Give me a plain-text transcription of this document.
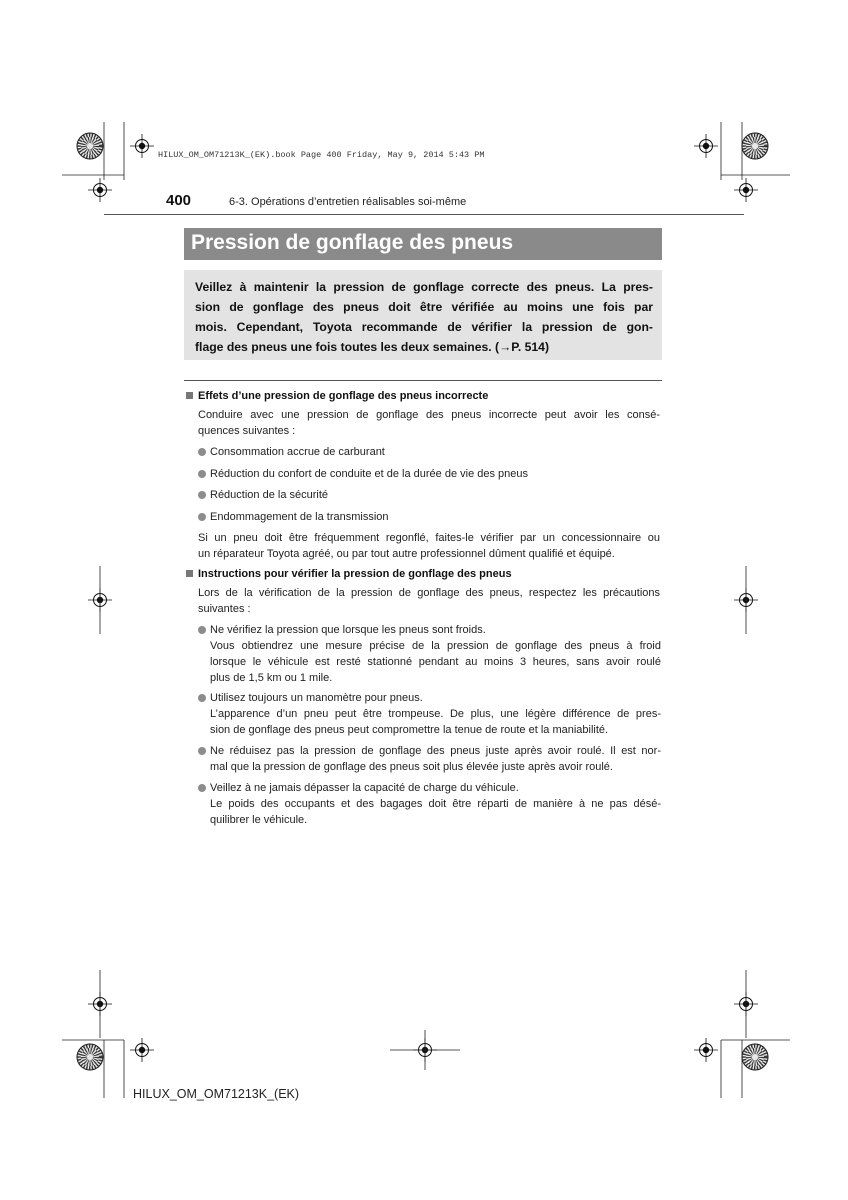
HILUX_OM_OM71213K_(EK).book Page 400 Friday, May 9, 2014 5:43 PM
400	6-3. Opérations d’entretien réalisables soi-même
Pression de gonflage des pneus
Veillez à maintenir la pression de gonflage correcte des pneus. La pres-
sion de gonflage des pneus doit être vérifiée au moins une fois par
mois. Cependant, Toyota recommande de vérifier la pression de gon-
flage des pneus une fois toutes les deux semaines. (→P. 514)
Effets d’une pression de gonflage des pneus incorrecte
Conduire avec une pression de gonflage des pneus incorrecte peut avoir les consé-
quences suivantes :
Consommation accrue de carburant
Réduction du confort de conduite et de la durée de vie des pneus
Réduction de la sécurité
Endommagement de la transmission
Si un pneu doit être fréquemment regonflé, faites-le vérifier par un concessionnaire ou
un réparateur Toyota agréé, ou par tout autre professionnel dûment qualifié et équipé.
Instructions pour vérifier la pression de gonflage des pneus
Lors de la vérification de la pression de gonflage des pneus, respectez les précautions
suivantes :
Ne vérifiez la pression que lorsque les pneus sont froids.
Vous obtiendrez une mesure précise de la pression de gonflage des pneus à froid
lorsque le véhicule est resté stationné pendant au moins 3 heures, sans avoir roulé
plus de 1,5 km ou 1 mile.
Utilisez toujours un manomètre pour pneus.
L’apparence d’un pneu peut être trompeuse. De plus, une légère différence de pres-
sion de gonflage des pneus peut compromettre la tenue de route et la maniabilité.
Ne réduisez pas la pression de gonflage des pneus juste après avoir roulé. Il est nor-
mal que la pression de gonflage des pneus soit plus élevée juste après avoir roulé.
Veillez à ne jamais dépasser la capacité de charge du véhicule.
Le poids des occupants et des bagages doit être réparti de manière à ne pas désé-
quilibrer le véhicule.
HILUX_OM_OM71213K_(EK)
